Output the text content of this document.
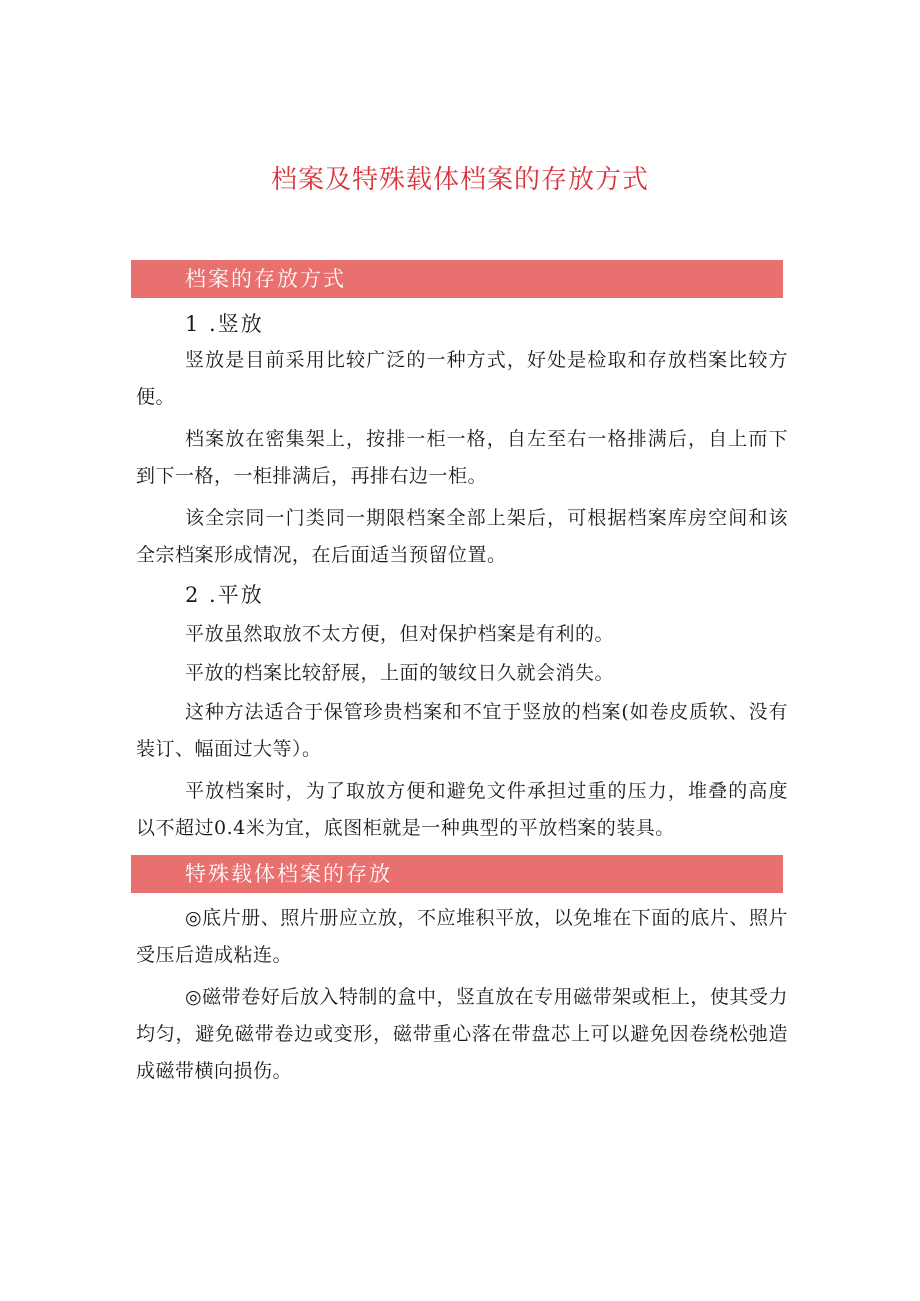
档案及特殊载体档案的存放方式
档案的存放方式
1 .竖放

竖放是目前采用比较广泛的一种方式，好处是检取和存放档案比较方便。

档案放在密集架上，按排一柜一格，自左至右一格排满后，自上而下到下一格，一柜排满后，再排右边一柜。

该全宗同一门类同一期限档案全部上架后，可根据档案库房空间和该全宗档案形成情况，在后面适当预留位置。

2 .平放

平放虽然取放不太方便，但对保护档案是有利的。

平放的档案比较舒展，上面的皱纹日久就会消失。

这种方法适合于保管珍贵档案和不宜于竖放的档案(如卷皮质软、没有装订、幅面过大等）。

平放档案时，为了取放方便和避免文件承担过重的压力，堆叠的高度以不超过0.4米为宜，底图柜就是一种典型的平放档案的装具。

特殊载体档案的存放

◎底片册、照片册应立放，不应堆积平放，以免堆在下面的底片、照片受压后造成粘连。

◎磁带卷好后放入特制的盒中，竖直放在专用磁带架或柜上，使其受力均匀，避免磁带卷边或变形，磁带重心落在带盘芯上可以避免因卷绕松弛造成磁带横向损伤。
